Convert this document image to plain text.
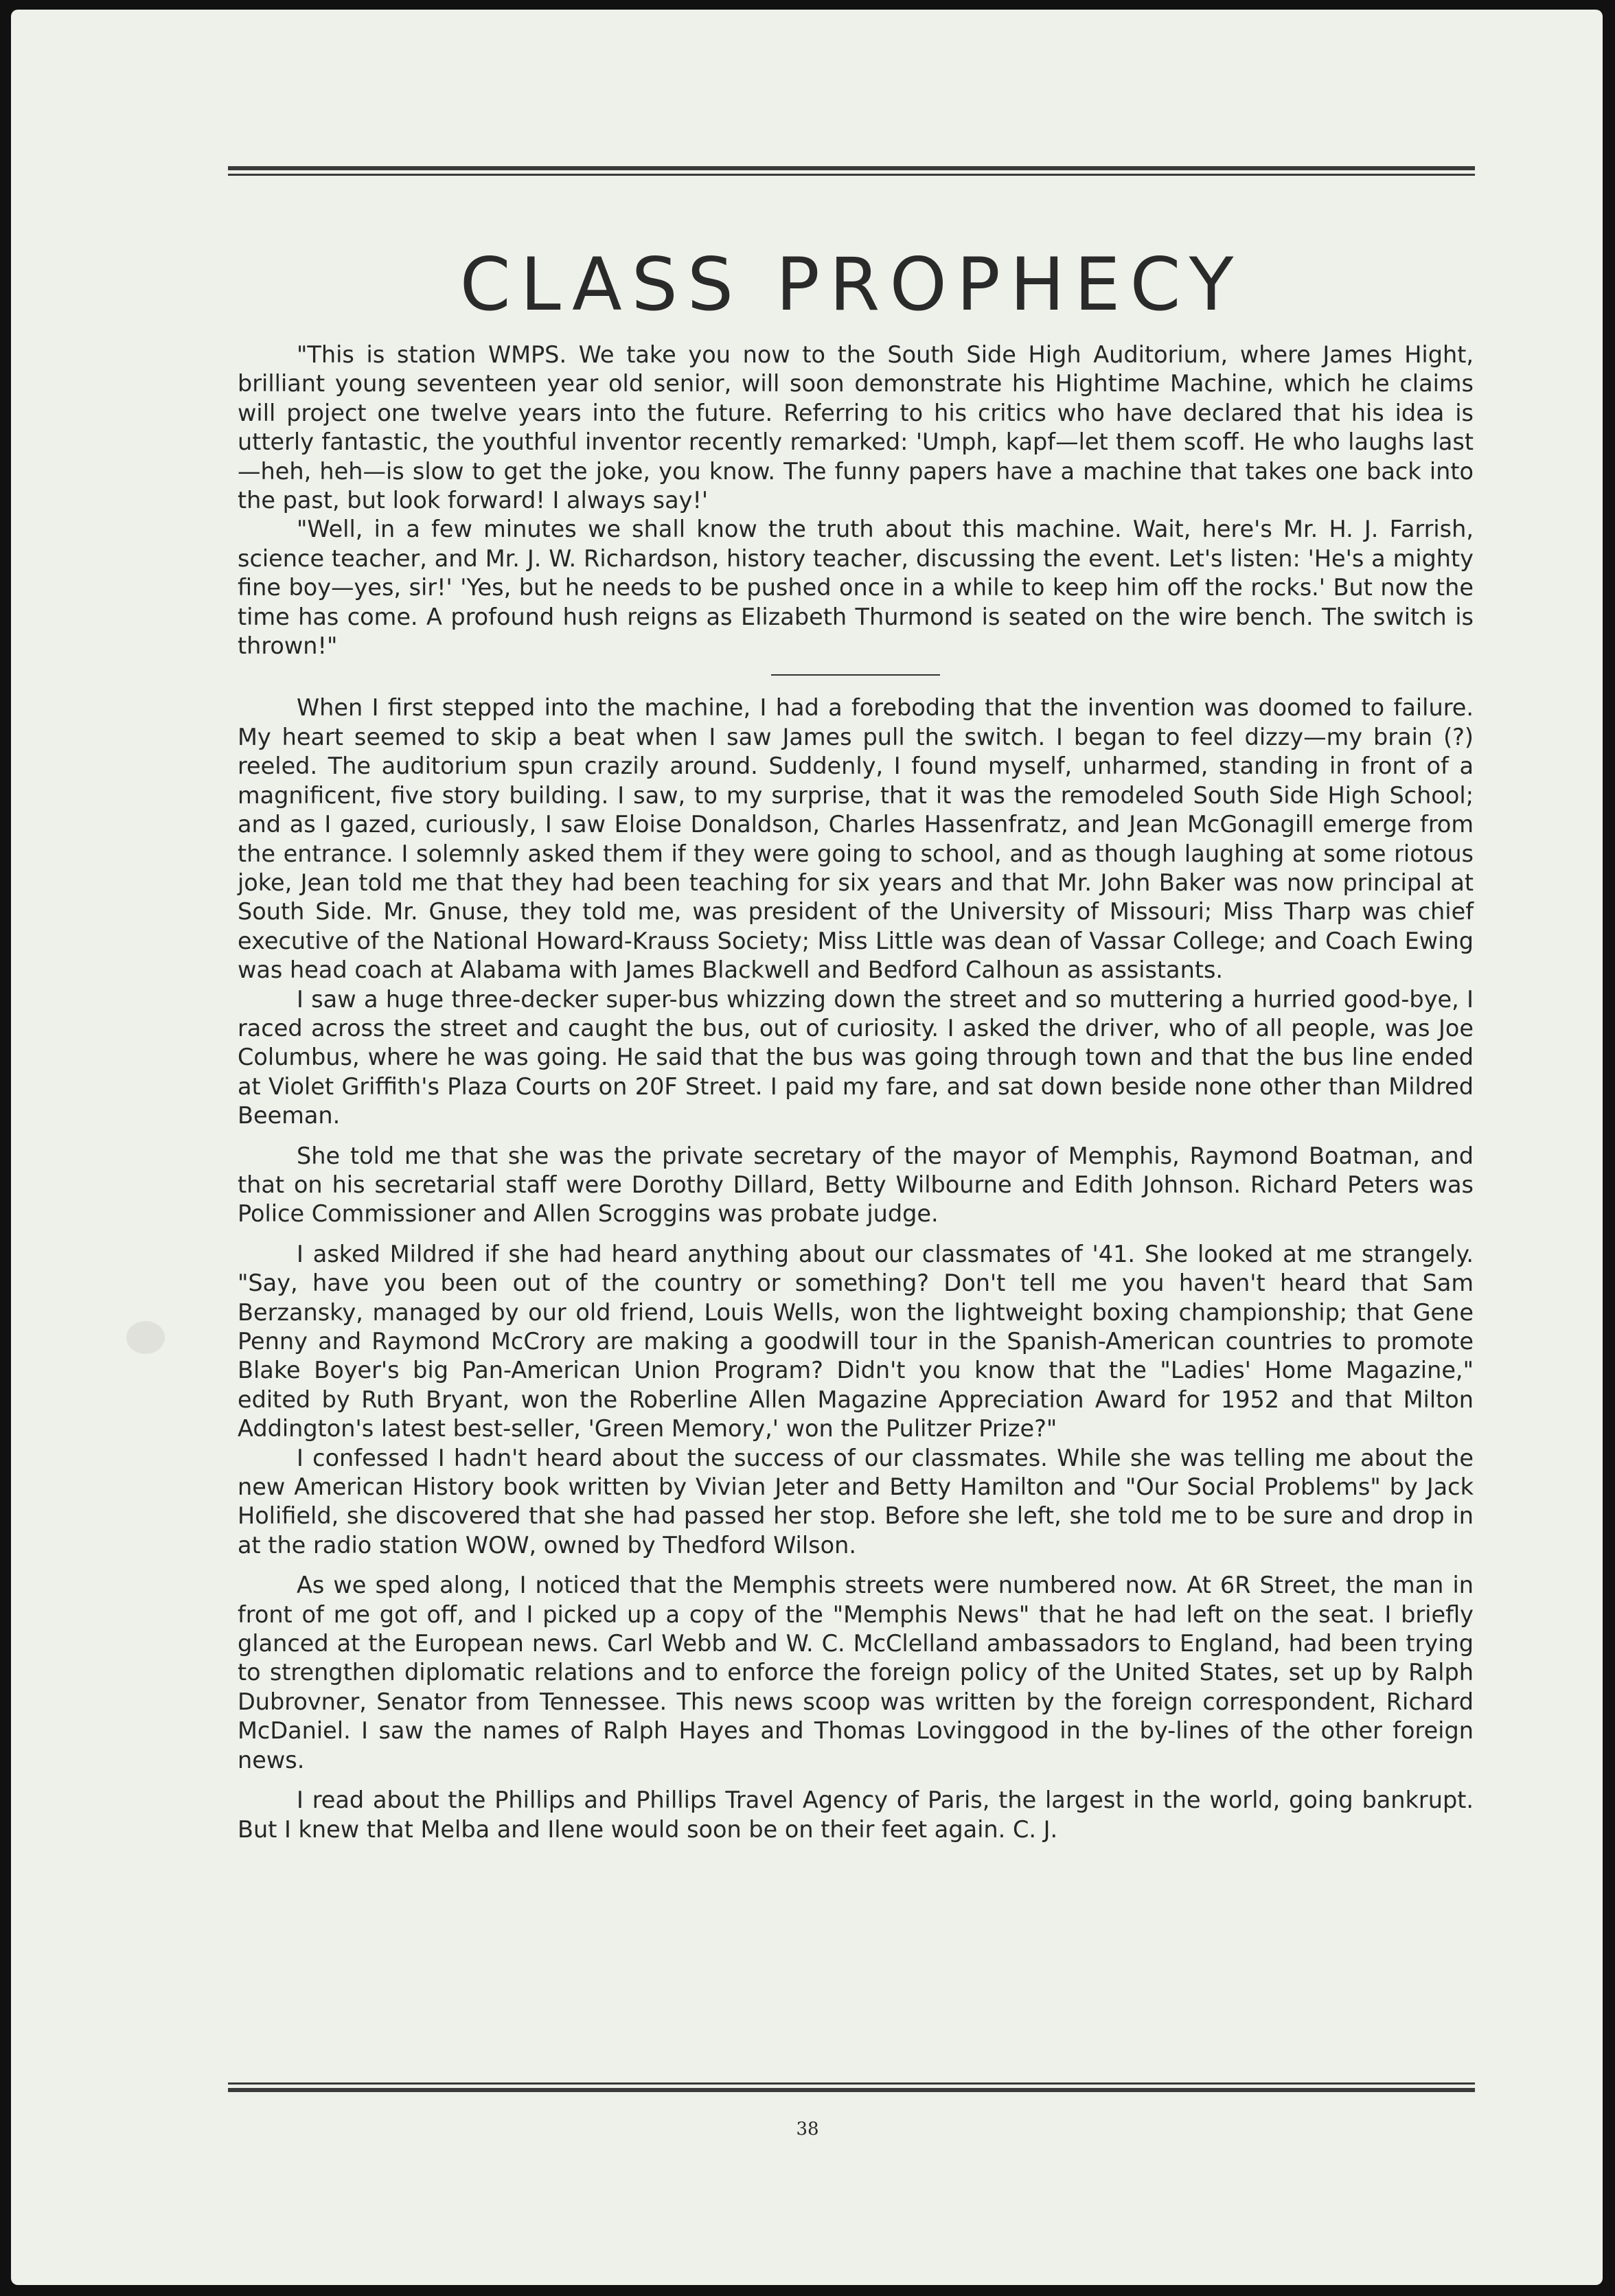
CLASS PROPHECY

"This is station WMPS. We take you now to the South Side High Auditorium, where James Hight, brilliant young seventeen year old senior, will soon demonstrate his Hightime Machine, which he claims will project one twelve years into the future. Referring to his critics who have declared that his idea is utterly fantastic, the youthful inventor recently remarked: 'Umph, kapf—let them scoff. He who laughs last—heh, heh—is slow to get the joke, you know. The funny papers have a machine that takes one back into the past, but look forward! I always say!'

"Well, in a few minutes we shall know the truth about this machine. Wait, here's Mr. H. J. Farrish, science teacher, and Mr. J. W. Richardson, history teacher, discussing the event. Let's listen: 'He's a mighty fine boy—yes, sir!' 'Yes, but he needs to be pushed once in a while to keep him off the rocks.' But now the time has come. A profound hush reigns as Elizabeth Thurmond is seated on the wire bench. The switch is thrown!"

When I first stepped into the machine, I had a foreboding that the invention was doomed to failure. My heart seemed to skip a beat when I saw James pull the switch. I began to feel dizzy—my brain (?) reeled. The auditorium spun crazily around. Suddenly, I found myself, unharmed, standing in front of a magnificent, five story building. I saw, to my surprise, that it was the remodeled South Side High School; and as I gazed, curiously, I saw Eloise Donaldson, Charles Hassenfratz, and Jean McGonagill emerge from the entrance. I solemnly asked them if they were going to school, and as though laughing at some riotous joke, Jean told me that they had been teaching for six years and that Mr. John Baker was now principal at South Side. Mr. Gnuse, they told me, was president of the University of Missouri; Miss Tharp was chief executive of the National Howard-Krauss Society; Miss Little was dean of Vassar College; and Coach Ewing was head coach at Alabama with James Blackwell and Bedford Calhoun as assistants.

I saw a huge three-decker super-bus whizzing down the street and so muttering a hurried good-bye, I raced across the street and caught the bus, out of curiosity. I asked the driver, who of all people, was Joe Columbus, where he was going. He said that the bus was going through town and that the bus line ended at Violet Griffith's Plaza Courts on 20F Street. I paid my fare, and sat down beside none other than Mildred Beeman.

She told me that she was the private secretary of the mayor of Memphis, Raymond Boatman, and that on his secretarial staff were Dorothy Dillard, Betty Wilbourne and Edith Johnson. Richard Peters was Police Commissioner and Allen Scroggins was probate judge.

I asked Mildred if she had heard anything about our classmates of '41. She looked at me strangely. "Say, have you been out of the country or something? Don't tell me you haven't heard that Sam Berzansky, managed by our old friend, Louis Wells, won the lightweight boxing championship; that Gene Penny and Raymond McCrory are making a goodwill tour in the Spanish-American countries to promote Blake Boyer's big Pan-American Union Program? Didn't you know that the "Ladies' Home Magazine," edited by Ruth Bryant, won the Roberline Allen Magazine Appreciation Award for 1952 and that Milton Addington's latest best-seller, 'Green Memory,' won the Pulitzer Prize?"

I confessed I hadn't heard about the success of our classmates. While she was telling me about the new American History book written by Vivian Jeter and Betty Hamilton and "Our Social Problems" by Jack Holifield, she discovered that she had passed her stop. Before she left, she told me to be sure and drop in at the radio station WOW, owned by Thedford Wilson.

As we sped along, I noticed that the Memphis streets were numbered now. At 6R Street, the man in front of me got off, and I picked up a copy of the "Memphis News" that he had left on the seat. I briefly glanced at the European news. Carl Webb and W. C. McClelland ambassadors to England, had been trying to strengthen diplomatic relations and to enforce the foreign policy of the United States, set up by Ralph Dubrovner, Senator from Tennessee. This news scoop was written by the foreign correspondent, Richard McDaniel. I saw the names of Ralph Hayes and Thomas Lovinggood in the by-lines of the other foreign news.

I read about the Phillips and Phillips Travel Agency of Paris, the largest in the world, going bankrupt. But I knew that Melba and Ilene would soon be on their feet again. C. J.

38
